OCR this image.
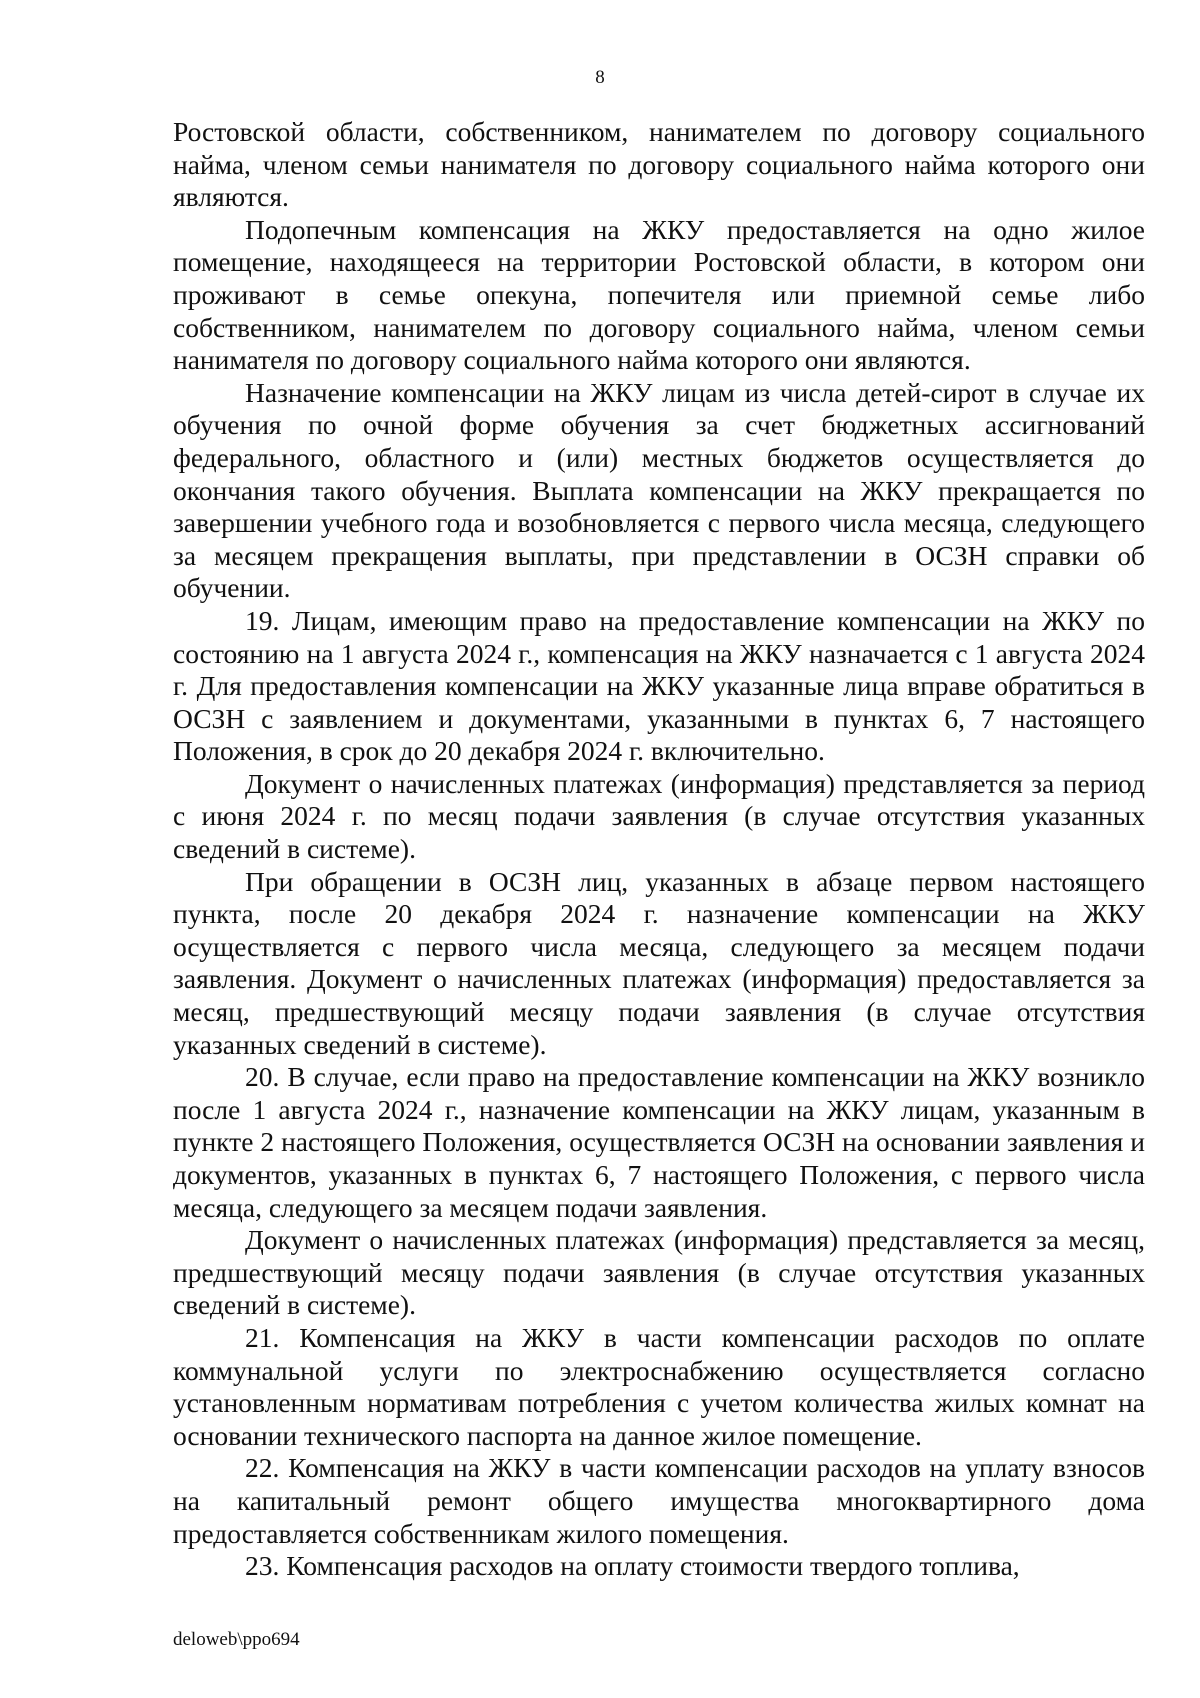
8

Ростовской области, собственником, нанимателем по договору социального найма, членом семьи нанимателя по договору социального найма которого они являются.

Подопечным компенсация на ЖКУ предоставляется на одно жилое помещение, находящееся на территории Ростовской области, в котором они проживают в семье опекуна, попечителя или приемной семье либо собственником, нанимателем по договору социального найма, членом семьи нанимателя по договору социального найма которого они являются.

Назначение компенсации на ЖКУ лицам из числа детей-сирот в случае их обучения по очной форме обучения за счет бюджетных ассигнований федерального, областного и (или) местных бюджетов осуществляется до окончания такого обучения. Выплата компенсации на ЖКУ прекращается по завершении учебного года и возобновляется с первого числа месяца, следующего за месяцем прекращения выплаты, при представлении в ОСЗН справки об обучении.

19. Лицам, имеющим право на предоставление компенсации на ЖКУ по состоянию на 1 августа 2024 г., компенсация на ЖКУ назначается с 1 августа 2024 г. Для предоставления компенсации на ЖКУ указанные лица вправе обратиться в ОСЗН с заявлением и документами, указанными в пунктах 6, 7 настоящего Положения, в срок до 20 декабря 2024 г. включительно.

Документ о начисленных платежах (информация) представляется за период с июня 2024 г. по месяц подачи заявления (в случае отсутствия указанных сведений в системе).

При обращении в ОСЗН лиц, указанных в абзаце первом настоящего пункта, после 20 декабря 2024 г. назначение компенсации на ЖКУ осуществляется с первого числа месяца, следующего за месяцем подачи заявления. Документ о начисленных платежах (информация) предоставляется за месяц, предшествующий месяцу подачи заявления (в случае отсутствия указанных сведений в системе).

20. В случае, если право на предоставление компенсации на ЖКУ возникло после 1 августа 2024 г., назначение компенсации на ЖКУ лицам, указанным в пункте 2 настоящего Положения, осуществляется ОСЗН на основании заявления и документов, указанных в пунктах 6, 7 настоящего Положения, с первого числа месяца, следующего за месяцем подачи заявления.

Документ о начисленных платежах (информация) представляется за месяц, предшествующий месяцу подачи заявления (в случае отсутствия указанных сведений в системе).

21. Компенсация на ЖКУ в части компенсации расходов по оплате коммунальной услуги по электроснабжению осуществляется согласно установленным нормативам потребления с учетом количества жилых комнат на основании технического паспорта на данное жилое помещение.

22. Компенсация на ЖКУ в части компенсации расходов на уплату взносов на капитальный ремонт общего имущества многоквартирного дома предоставляется собственникам жилого помещения.

23. Компенсация расходов на оплату стоимости твердого топлива,

deloweb\ppo694
